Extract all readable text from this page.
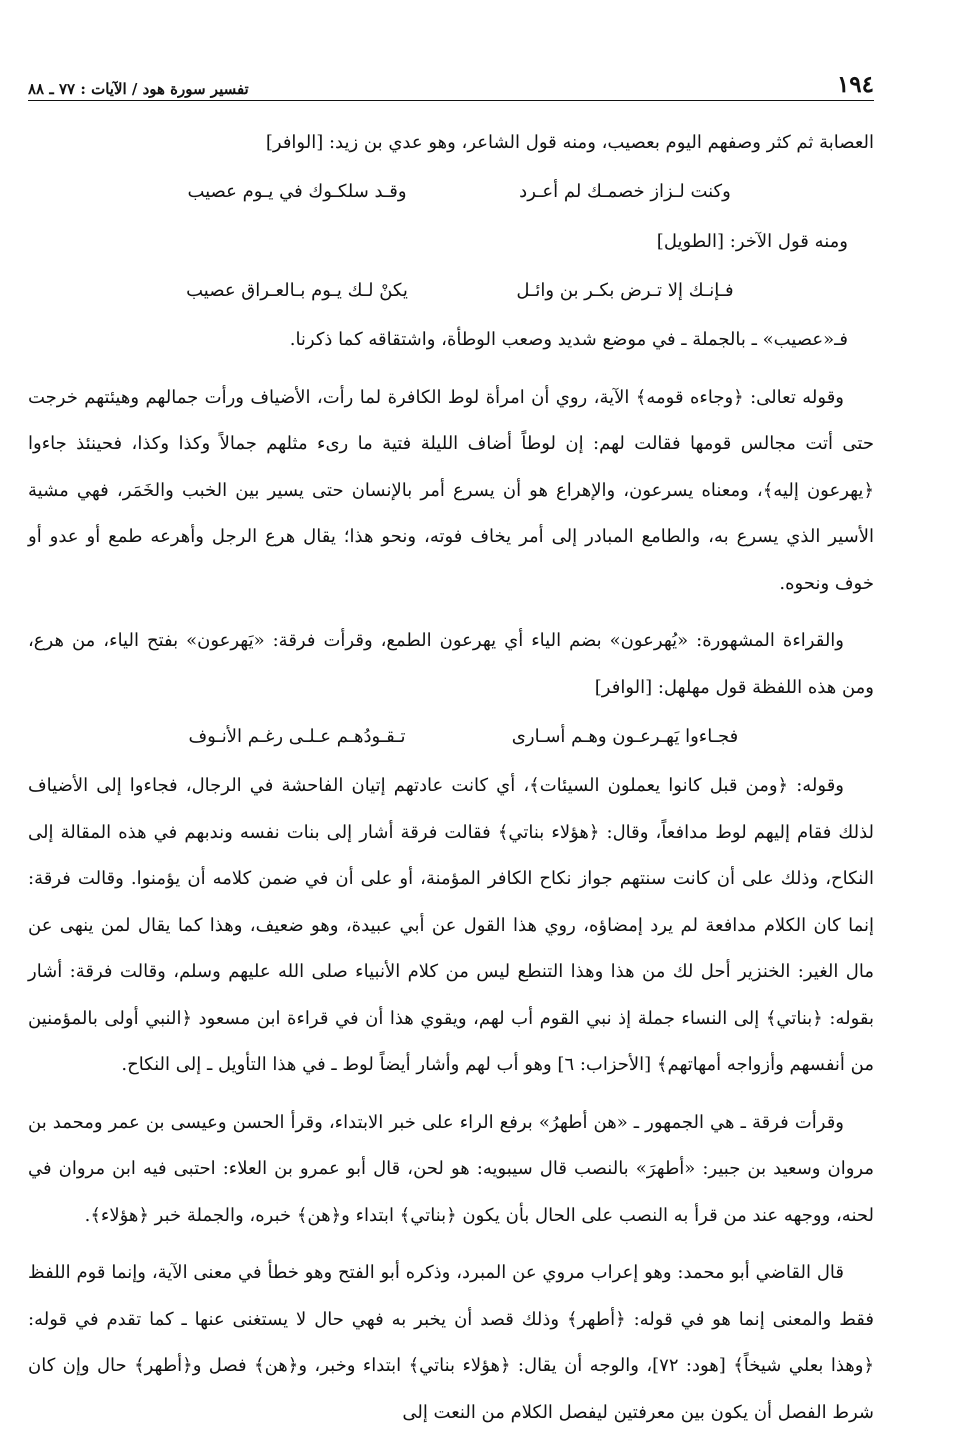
١٩٤
تفسير سورة هود / الآيات : ٧٧ ـ ٨٨

العصابة ثم كثر وصفهم اليوم بعصيب، ومنه قول الشاعر، وهو عدي بن زيد: [الوافر]

وكنت لـزاز خصمـك لم أعـرد
وقـد سلكـوك في يـوم عصيب

ومنه قول الآخر: [الطويل]

فـإنـك إلا تـرض بكـر بن وائـل
يكنْ لـك يـوم بـالعـراق عصيب

فـ«عصيب» ـ بالجملة ـ في موضع شديد وصعب الوطأة، واشتقاقه كما ذكرنا.

وقوله تعالى: ﴿وجاءه قومه﴾ الآية، روي أن امرأة لوط الكافرة لما رأت، الأضياف ورأت جمالهم وهيئتهم خرجت حتى أتت مجالس قومها فقالت لهم: إن لوطاً أضاف الليلة فتية ما رىء مثلهم جمالاً وكذا وكذا، فحينئذ جاءوا ﴿يهرعون إليه﴾، ومعناه يسرعون، والإهراع هو أن يسرع أمر بالإنسان حتى يسير بين الخبب والخَمَر، فهي مشية الأسير الذي يسرع به، والطامع المبادر إلى أمر يخاف فوته، ونحو هذا؛ يقال هرع الرجل وأهرعه طمع أو عدو أو خوف ونحوه.

والقراءة المشهورة: «يُهرعون» بضم الياء أي يهرعون الطمع، وقرأت فرقة: «يَهرعون» بفتح الياء، من هرع، ومن هذه اللفظة قول مهلهل: [الوافر]

فجـاءوا يَهـرعـون وهـم أسـارى
تـقـودُهـم عـلـى رغـم الأنـوف

وقوله: ﴿ومن قبل كانوا يعملون السيئات﴾، أي كانت عادتهم إتيان الفاحشة في الرجال، فجاءوا إلى الأضياف لذلك فقام إليهم لوط مدافعاً، وقال: ﴿هؤلاء بناتي﴾ فقالت فرقة أشار إلى بنات نفسه وندبهم في هذه المقالة إلى النكاح، وذلك على أن كانت سنتهم جواز نكاح الكافر المؤمنة، أو على أن في ضمن كلامه أن يؤمنوا. وقالت فرقة: إنما كان الكلام مدافعة لم يرد إمضاؤه، روي هذا القول عن أبي عبيدة، وهو ضعيف، وهذا كما يقال لمن ينهى عن مال الغير: الخنزير أحل لك من هذا وهذا التنطع ليس من كلام الأنبياء صلى الله عليهم وسلم، وقالت فرقة: أشار بقوله: ﴿بناتي﴾ إلى النساء جملة إذ نبي القوم أب لهم، ويقوي هذا أن في قراءة ابن مسعود ﴿النبي أولى بالمؤمنين من أنفسهم وأزواجه أمهاتهم﴾ [الأحزاب: ٦] وهو أب لهم وأشار أيضاً لوط ـ في هذا التأويل ـ إلى النكاح.

وقرأت فرقة ـ هي الجمهور ـ «هن أطهرُ» برفع الراء على خبر الابتداء، وقرأ الحسن وعيسى بن عمر ومحمد بن مروان وسعيد بن جبير: «أطهرَ» بالنصب قال سيبويه: هو لحن، قال أبو عمرو بن العلاء: احتبى فيه ابن مروان في لحنه، ووجهه عند من قرأ به النصب على الحال بأن يكون ﴿بناتي﴾ ابتداء و﴿هن﴾ خبره، والجملة خبر ﴿هؤلاء﴾.

قال القاضي أبو محمد: وهو إعراب مروي عن المبرد، وذكره أبو الفتح وهو خطأ في معنى الآية، وإنما قوم اللفظ فقط والمعنى إنما هو في قوله: ﴿أطهر﴾ وذلك قصد أن يخبر به فهي حال لا يستغنى عنها ـ كما تقدم في قوله: ﴿وهذا بعلي شيخاً﴾ [هود: ٧٢]، والوجه أن يقال: ﴿هؤلاء بناتي﴾ ابتداء وخبر، و﴿هن﴾ فصل و﴿أطهر﴾ حال وإن كان شرط الفصل أن يكون بين معرفتين ليفصل الكلام من النعت إلى
